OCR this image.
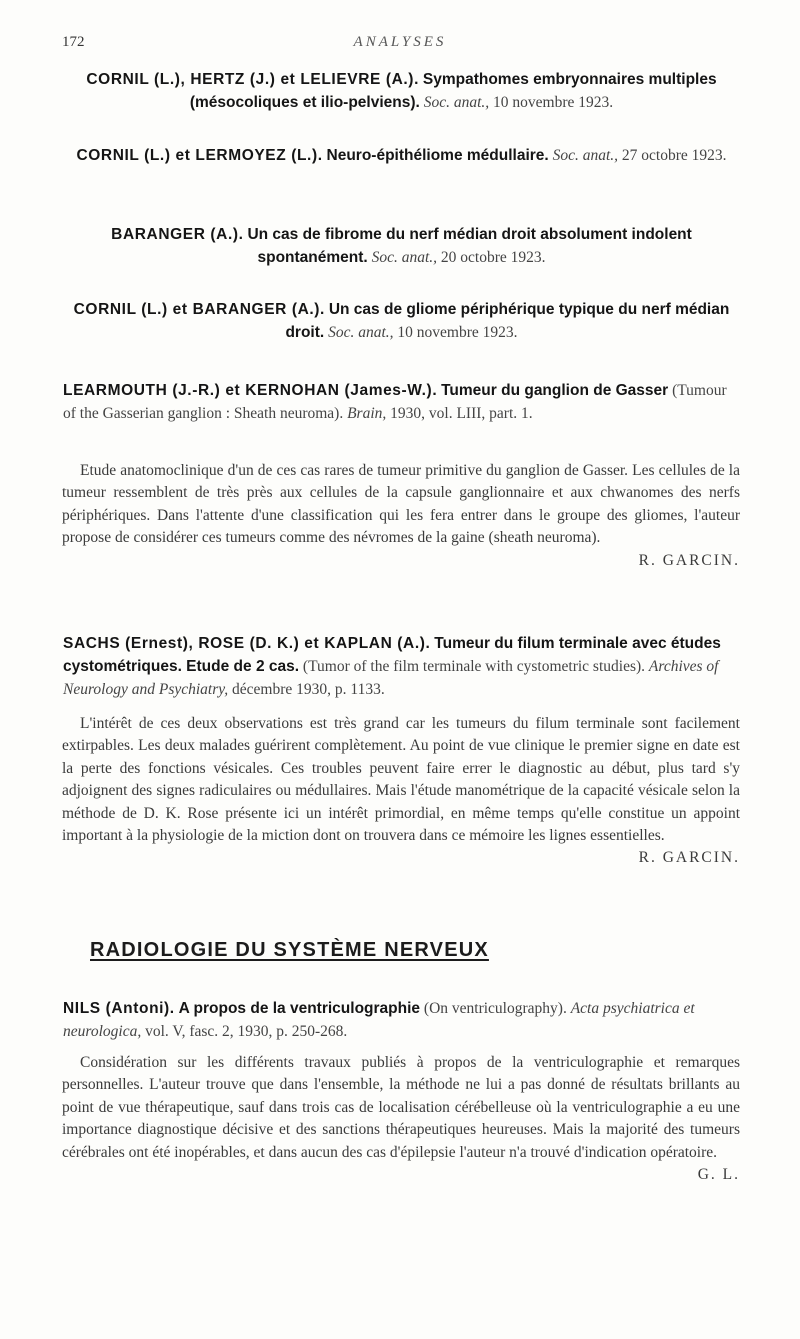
172	ANALYSES
CORNIL (L.), HERTZ (J.) et LELIEVRE (A.). Sympathomes embryonnaires multiples (mésocoliques et ilio-pelviens). Soc. anat., 10 novembre 1923.
CORNIL (L.) et LERMOYEZ (L.). Neuro-épithéliome médullaire. Soc. anat., 27 octobre 1923.
BARANGER (A.). Un cas de fibrome du nerf médian droit absolument indolent spontanément. Soc. anat., 20 octobre 1923.
CORNIL (L.) et BARANGER (A.). Un cas de gliome périphérique typique du nerf médian droit. Soc. anat., 10 novembre 1923.
LEARMOUTH (J.-R.) et KERNOHAN (James-W.). Tumeur du ganglion de Gasser (Tumour of the Gasserian ganglion : Sheath neuroma). Brain, 1930, vol. LIII, part. 1.
Etude anatomoclinique d'un de ces cas rares de tumeur primitive du ganglion de Gasser. Les cellules de la tumeur ressemblent de très près aux cellules de la capsule ganglionnaire et aux chwanomes des nerfs périphériques. Dans l'attente d'une classification qui les fera entrer dans le groupe des gliomes, l'auteur propose de considérer ces tumeurs comme des névromes de la gaine (sheath neuroma).
R. GARCIN.
SACHS (Ernest), ROSE (D. K.) et KAPLAN (A.). Tumeur du filum terminale avec études cystométriques. Etude de 2 cas. (Tumor of the film terminale with cystometric studies). Archives of Neurology and Psychiatry, décembre 1930, p. 1133.
L'intérêt de ces deux observations est très grand car les tumeurs du filum terminale sont facilement extirpables. Les deux malades guérirent complètement. Au point de vue clinique le premier signe en date est la perte des fonctions vésicales. Ces troubles peuvent faire errer le diagnostic au début, plus tard s'y adjoignent des signes radiculaires ou médullaires. Mais l'étude manométrique de la capacité vésicale selon la méthode de D. K. Rose présente ici un intérêt primordial, en même temps qu'elle constitue un appoint important à la physiologie de la miction dont on trouvera dans ce mémoire les lignes essentielles.
R. GARCIN.
RADIOLOGIE DU SYSTÈME NERVEUX
NILS (Antoni). A propos de la ventriculographie (On ventriculography). Acta psychiatrica et neurologica, vol. V, fasc. 2, 1930, p. 250-268.
Considération sur les différents travaux publiés à propos de la ventriculographie et remarques personnelles. L'auteur trouve que dans l'ensemble, la méthode ne lui a pas donné de résultats brillants au point de vue thérapeutique, sauf dans trois cas de localisation cérébelleuse où la ventriculographie a eu une importance diagnostique décisive et des sanctions thérapeutiques heureuses. Mais la majorité des tumeurs cérébrales ont été inopérables, et dans aucun des cas d'épilepsie l'auteur n'a trouvé d'indication opératoire.
G. L.
